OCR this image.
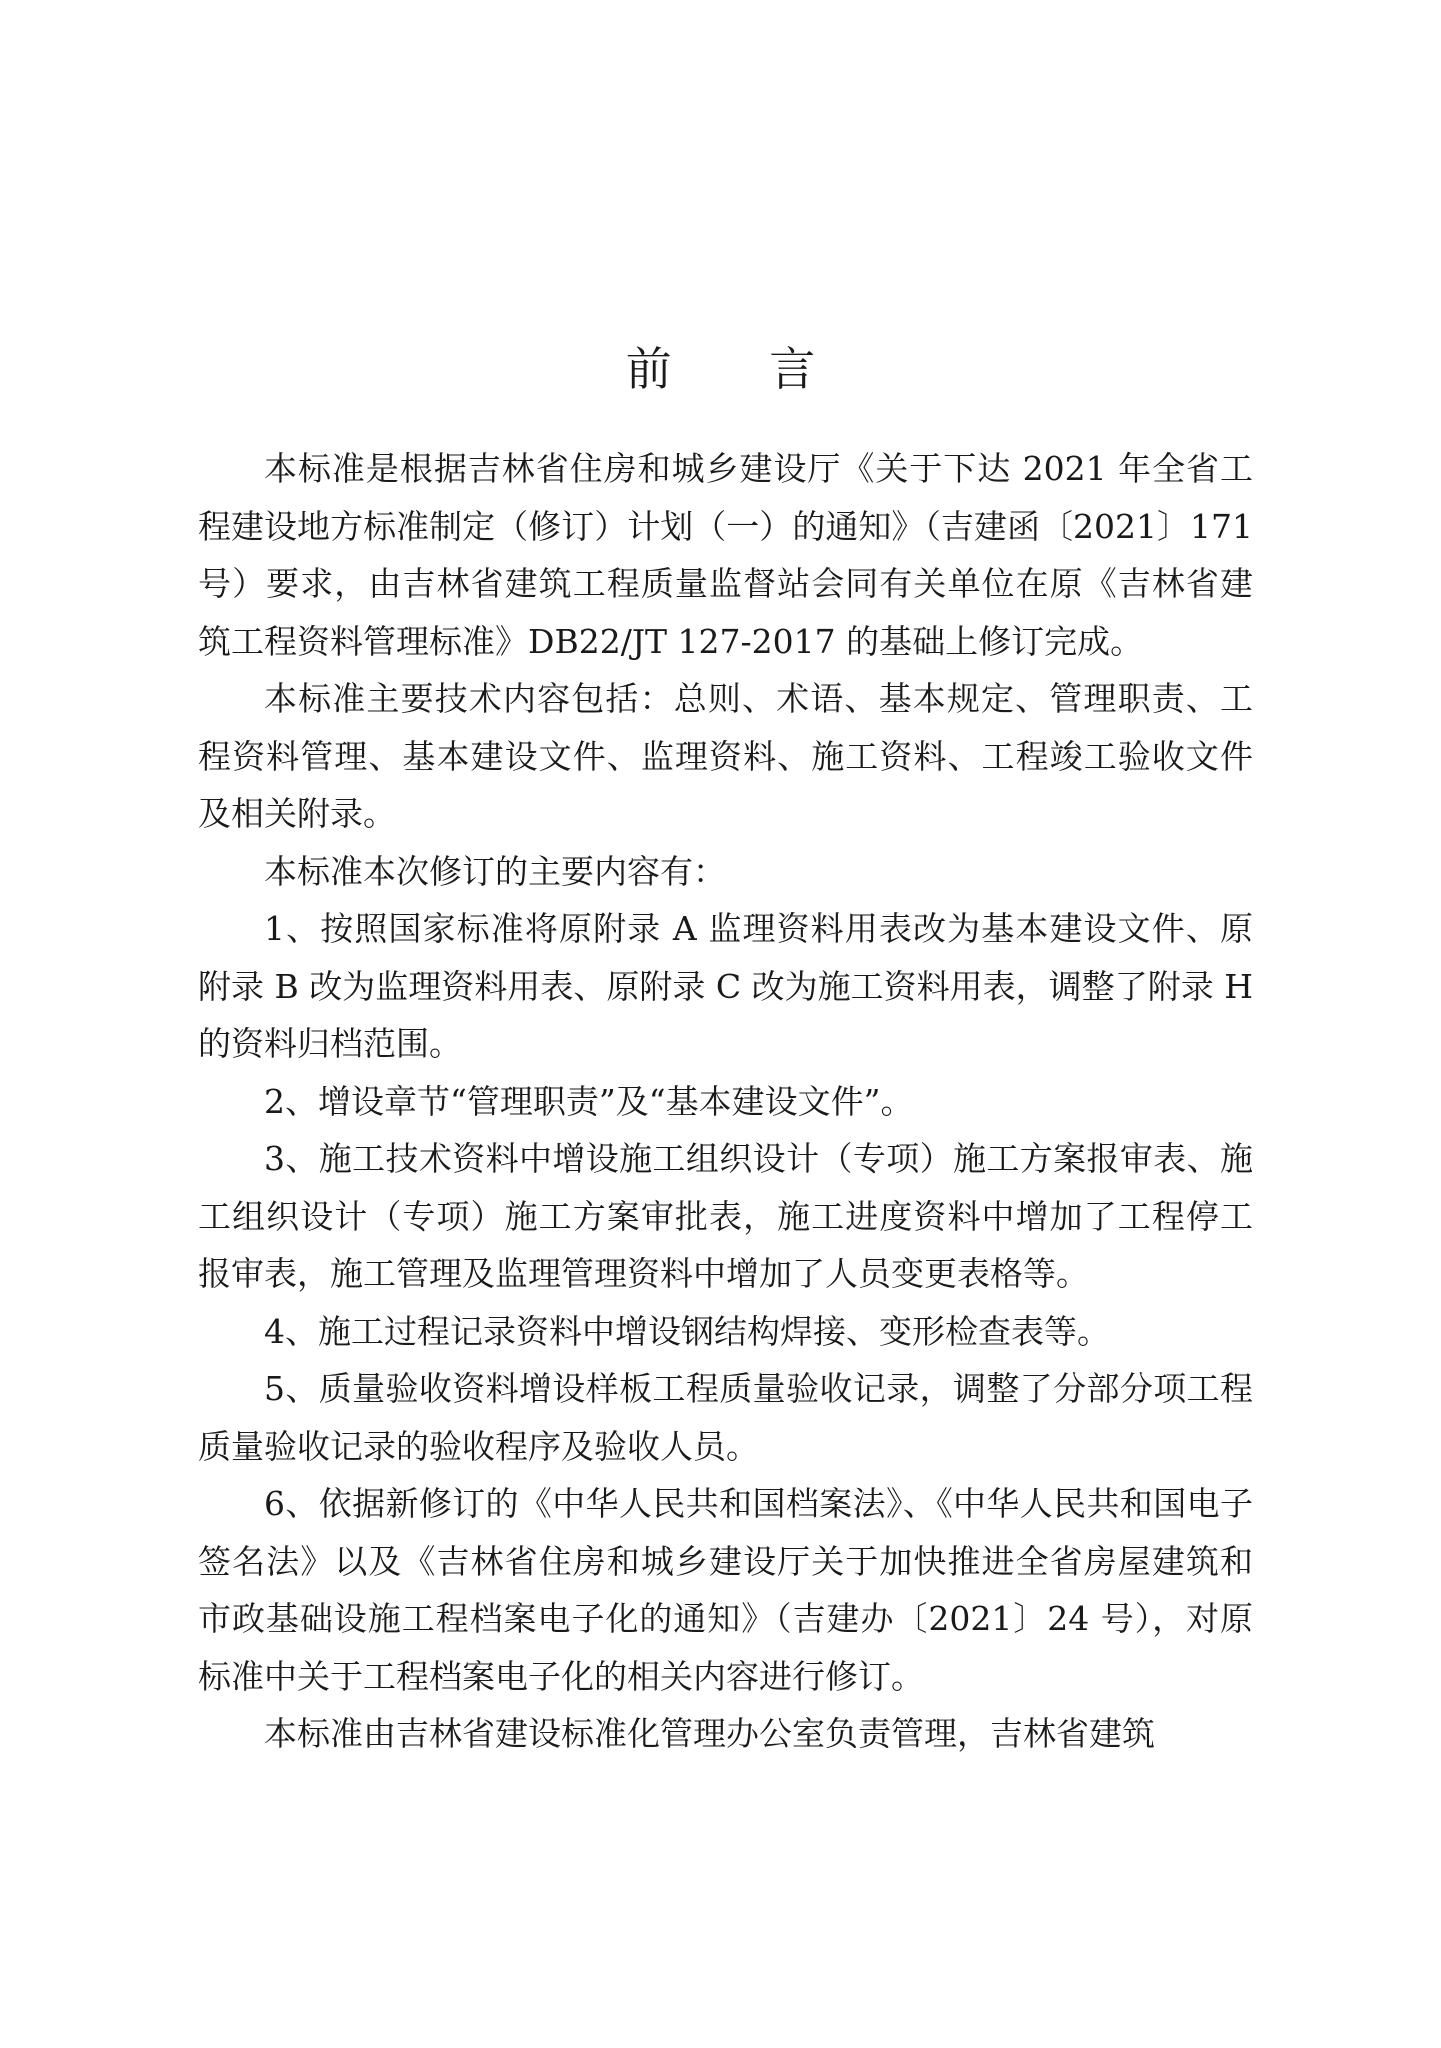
前 言

本标准是根据吉林省住房和城乡建设厅《关于下达 2021 年全省工程建设地方标准制定（修订）计划（一）的通知》（吉建函〔2021〕171 号）要求，由吉林省建筑工程质量监督站会同有关单位在原《吉林省建筑工程资料管理标准》DB22/JT 127-2017 的基础上修订完成。

本标准主要技术内容包括：总则、术语、基本规定、管理职责、工程资料管理、基本建设文件、监理资料、施工资料、工程竣工验收文件及相关附录。

本标准本次修订的主要内容有：

1、按照国家标准将原附录 A 监理资料用表改为基本建设文件、原附录 B 改为监理资料用表、原附录 C 改为施工资料用表，调整了附录 H 的资料归档范围。

2、增设章节“管理职责”及“基本建设文件”。

3、施工技术资料中增设施工组织设计（专项）施工方案报审表、施工组织设计（专项）施工方案审批表，施工进度资料中增加了工程停工报审表，施工管理及监理管理资料中增加了人员变更表格等。

4、施工过程记录资料中增设钢结构焊接、变形检查表等。

5、质量验收资料增设样板工程质量验收记录，调整了分部分项工程质量验收记录的验收程序及验收人员。

6、依据新修订的《中华人民共和国档案法》、《中华人民共和国电子签名法》以及《吉林省住房和城乡建设厅关于加快推进全省房屋建筑和市政基础设施工程档案电子化的通知》（吉建办〔2021〕24 号），对原标准中关于工程档案电子化的相关内容进行修订。

本标准由吉林省建设标准化管理办公室负责管理，吉林省建筑
